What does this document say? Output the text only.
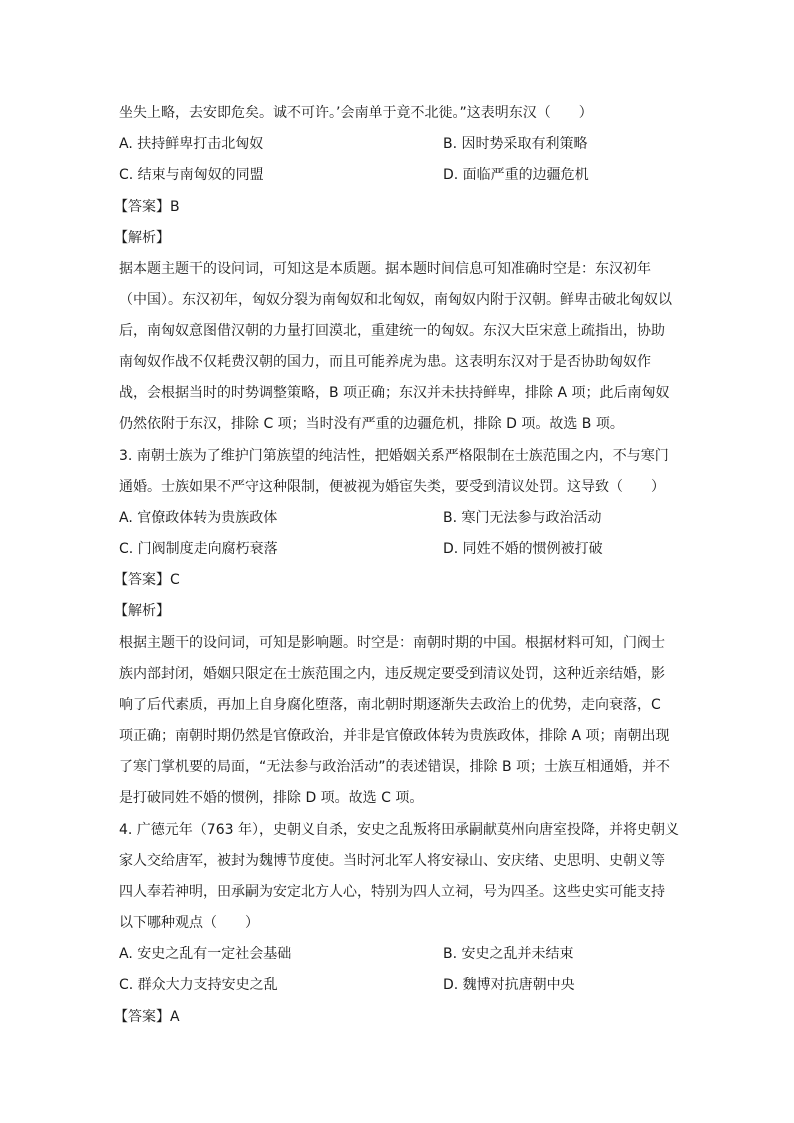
坐失上略，去安即危矣。诚不可许。’会南单于竟不北徙。”这表明东汉（　　）
A. 扶持鲜卑打击北匈奴	B. 因时势采取有利策略
C. 结束与南匈奴的同盟	D. 面临严重的边疆危机
【答案】B
【解析】
据本题主题干的设问词，可知这是本质题。据本题时间信息可知准确时空是：东汉初年
（中国）。东汉初年，匈奴分裂为南匈奴和北匈奴，南匈奴内附于汉朝。鲜卑击破北匈奴以
后，南匈奴意图借汉朝的力量打回漠北，重建统一的匈奴。东汉大臣宋意上疏指出，协助
南匈奴作战不仅耗费汉朝的国力，而且可能养虎为患。这表明东汉对于是否协助匈奴作
战，会根据当时的时势调整策略，B 项正确；东汉并未扶持鲜卑，排除 A 项；此后南匈奴
仍然依附于东汉，排除 C 项；当时没有严重的边疆危机，排除 D 项。故选 B 项。
3. 南朝士族为了维护门第族望的纯洁性，把婚姻关系严格限制在士族范围之内，不与寒门
通婚。士族如果不严守这种限制，便被视为婚宦失类，要受到清议处罚。这导致（　　）
A. 官僚政体转为贵族政体	B. 寒门无法参与政治活动
C. 门阀制度走向腐朽衰落	D. 同姓不婚的惯例被打破
【答案】C
【解析】
根据主题干的设问词，可知是影响题。时空是：南朝时期的中国。根据材料可知，门阀士
族内部封闭，婚姻只限定在士族范围之内，违反规定要受到清议处罚，这种近亲结婚，影
响了后代素质，再加上自身腐化堕落，南北朝时期逐渐失去政治上的优势，走向衰落，C
项正确；南朝时期仍然是官僚政治，并非是官僚政体转为贵族政体，排除 A 项；南朝出现
了寒门掌机要的局面，“无法参与政治活动”的表述错误，排除 B 项；士族互相通婚，并不
是打破同姓不婚的惯例，排除 D 项。故选 C 项。
4. 广德元年（763 年），史朝义自杀，安史之乱叛将田承嗣献莫州向唐室投降，并将史朝义
家人交给唐军，被封为魏博节度使。当时河北军人将安禄山、安庆绪、史思明、史朝义等
四人奉若神明，田承嗣为安定北方人心，特别为四人立祠，号为四圣。这些史实可能支持
以下哪种观点（　　）
A. 安史之乱有一定社会基础	B. 安史之乱并未结束
C. 群众大力支持安史之乱	D. 魏博对抗唐朝中央
【答案】A
